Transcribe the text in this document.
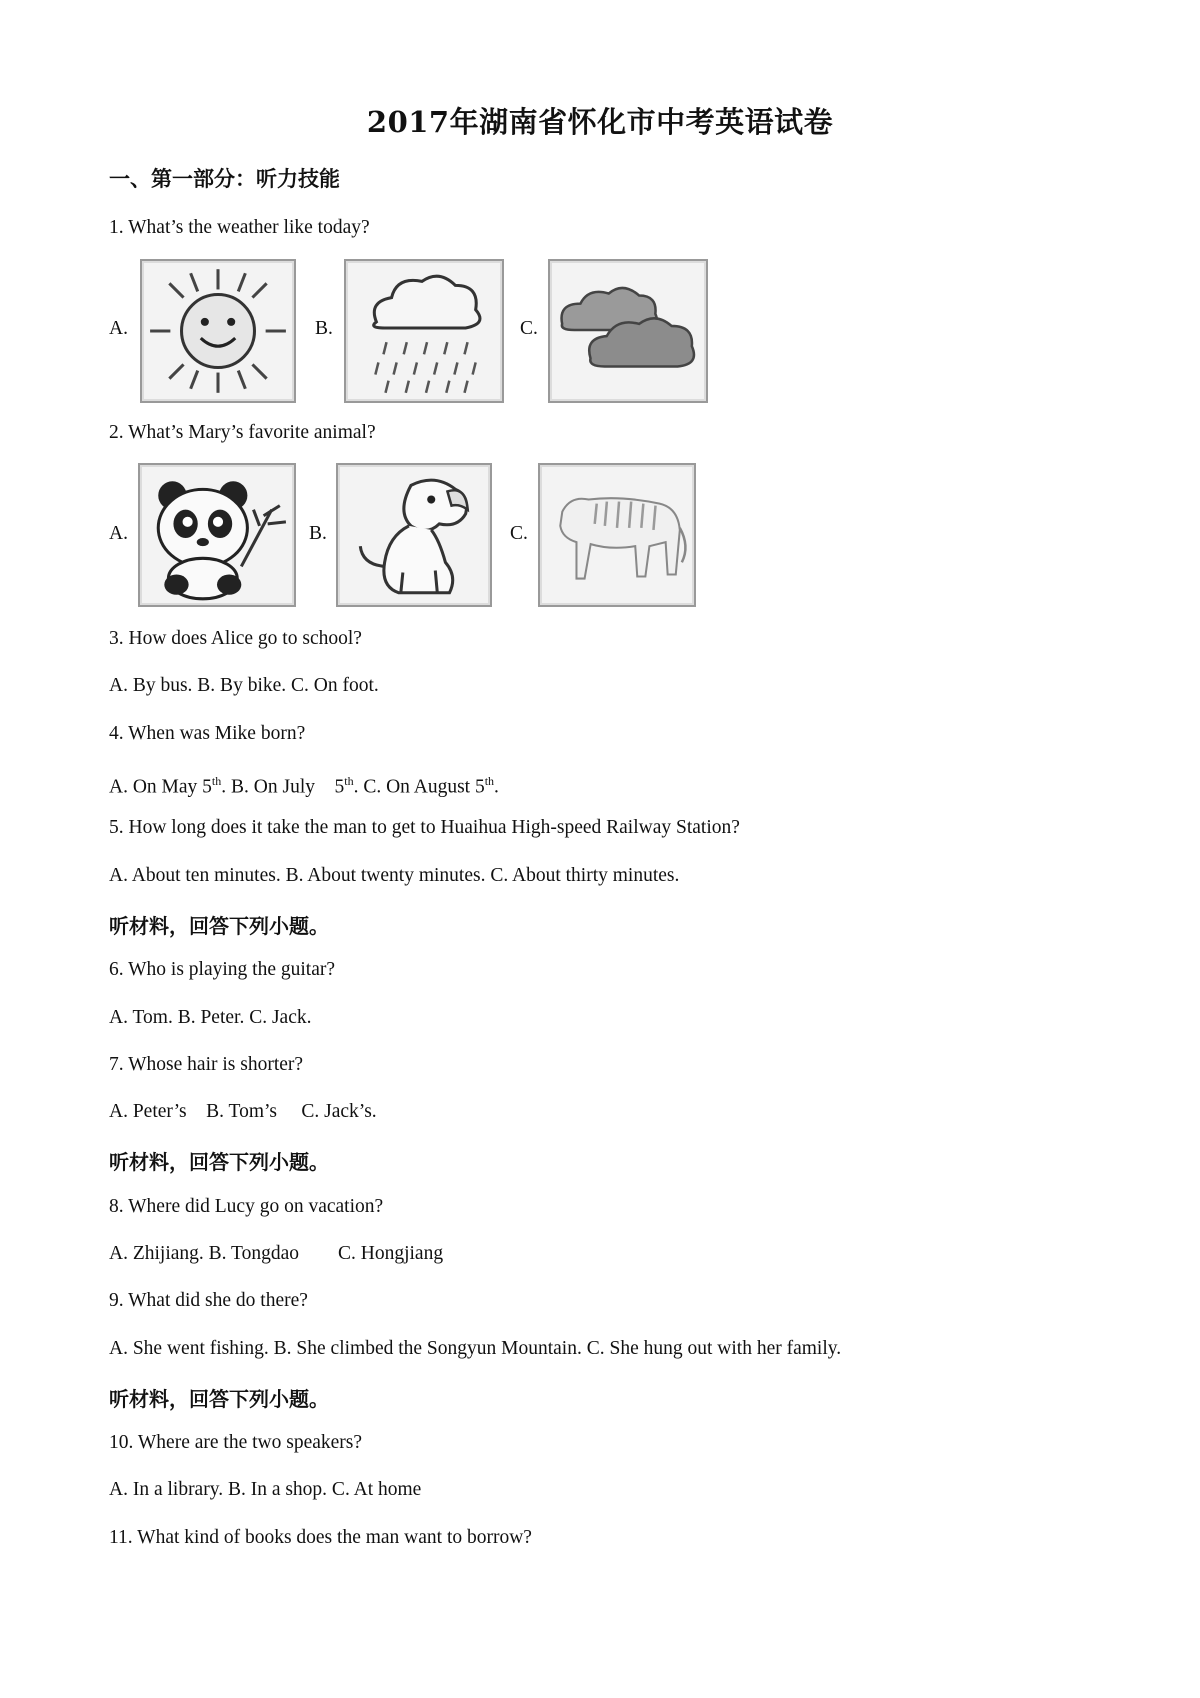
2017年湖南省怀化市中考英语试卷
一、第一部分：听力技能
1. What’s the weather like today?
A.	B.	C.
2. What’s Mary’s favorite animal?
A.	B.	C.
3. How does Alice go to school?
A. By bus. B. By bike. C. On foot.
4. When was Mike born?
A. On May 5th. B. On July    5th. C. On August 5th.
5. How long does it take the man to get to Huaihua High-speed Railway Station?
A. About ten minutes. B. About twenty minutes. C. About thirty minutes.
听材料，回答下列小题。
6. Who is playing the guitar?
A. Tom. B. Peter. C. Jack.
7. Whose hair is shorter?
A. Peter’s    B. Tom’s     C. Jack’s.
听材料，回答下列小题。
8. Where did Lucy go on vacation?
A. Zhijiang. B. Tongdao        C. Hongjiang
9. What did she do there?
A. She went fishing. B. She climbed the Songyun Mountain. C. She hung out with her family.
听材料，回答下列小题。
10. Where are the two speakers?
A. In a library. B. In a shop. C. At home
11. What kind of books does the man want to borrow?
